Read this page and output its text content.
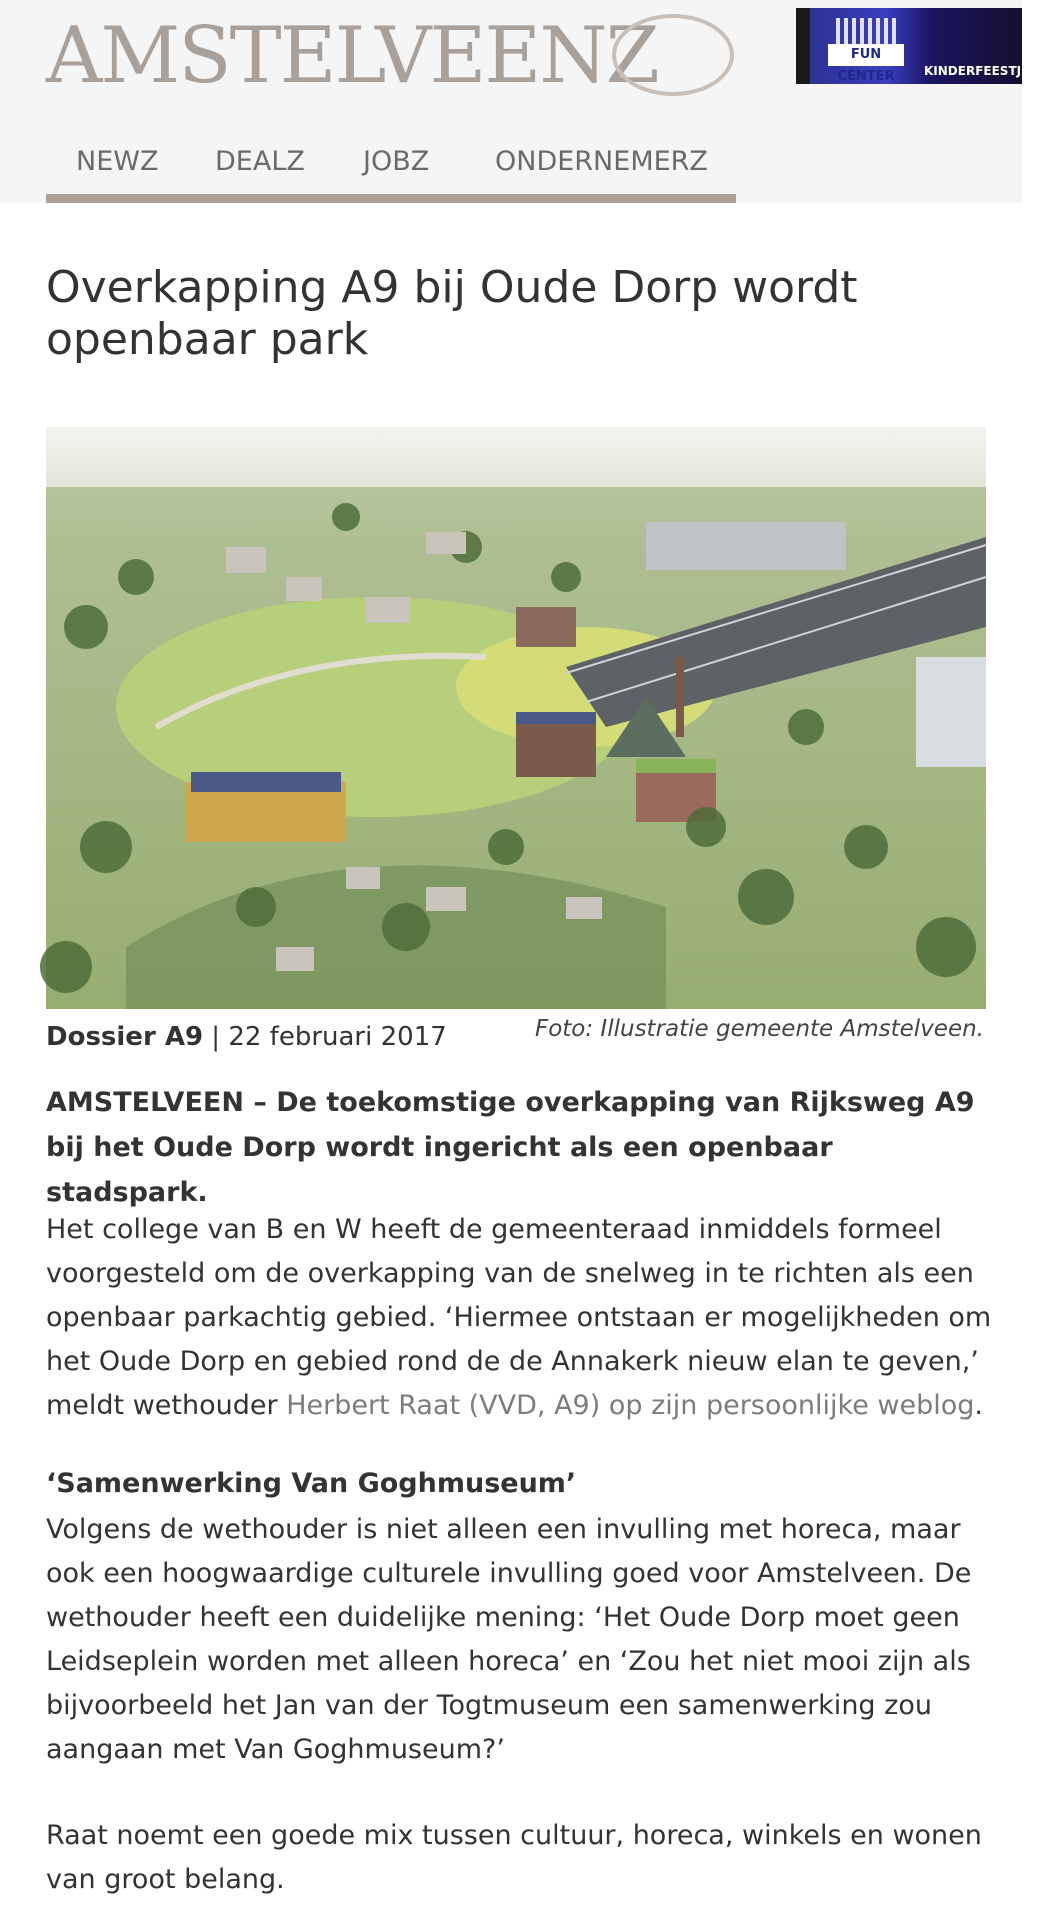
AMSTELVEENZ	FUN CENTER	KINDERFEESTJES
NEWZ DEALZ JOBZ ONDERNEMERZ
Overkapping A9 bij Oude Dorp wordt openbaar park
Dossier A9 | 22 februari 2017	Foto: Illustratie gemeente Amstelveen.

AMSTELVEEN – De toekomstige overkapping van Rijksweg A9 bij het Oude Dorp wordt ingericht als een openbaar stadspark.

Het college van B en W heeft de gemeenteraad inmiddels formeel voorgesteld om de overkapping van de snelweg in te richten als een openbaar parkachtig gebied. ‘Hiermee ontstaan er mogelijkheden om het Oude Dorp en gebied rond de de Annakerk nieuw elan te geven,’ meldt wethouder Herbert Raat (VVD, A9) op zijn persoonlijke weblog.

‘Samenwerking Van Goghmuseum’

Volgens de wethouder is niet alleen een invulling met horeca, maar ook een hoogwaardige culturele invulling goed voor Amstelveen. De wethouder heeft een duidelijke mening: ‘Het Oude Dorp moet geen Leidseplein worden met alleen horeca’ en ‘Zou het niet mooi zijn als bijvoorbeeld het Jan van der Togtmuseum een samenwerking zou aangaan met Van Goghmuseum?’

Raat noemt een goede mix tussen cultuur, horeca, winkels en wonen van groot belang.
